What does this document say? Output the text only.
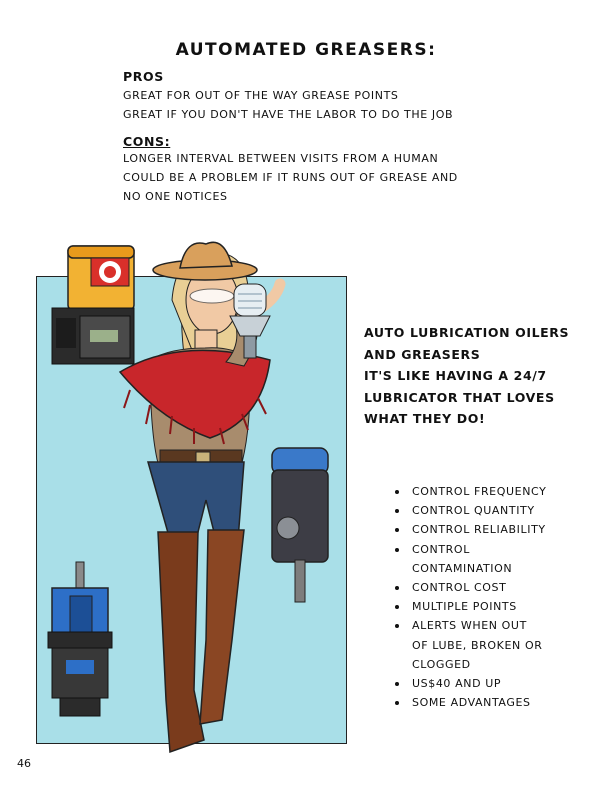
AUTOMATED GREASERS:
PROS
GREAT FOR OUT OF THE WAY GREASE POINTS
GREAT IF YOU DON'T HAVE THE LABOR TO DO THE JOB
CONS:
LONGER INTERVAL BETWEEN VISITS FROM A HUMAN
COULD BE A PROBLEM IF IT RUNS OUT OF GREASE AND
NO ONE NOTICES
AUTO LUBRICATION OILERS
AND GREASERS
IT'S LIKE HAVING A 24/7
LUBRICATOR THAT LOVES
WHAT THEY DO!
CONTROL FREQUENCY
CONTROL QUANTITY
CONTROL RELIABILITY
CONTROL
CONTAMINATION
CONTROL COST
MULTIPLE POINTS
ALERTS WHEN OUT
OF LUBE, BROKEN OR
CLOGGED
US$40 AND UP
SOME ADVANTAGES
46
